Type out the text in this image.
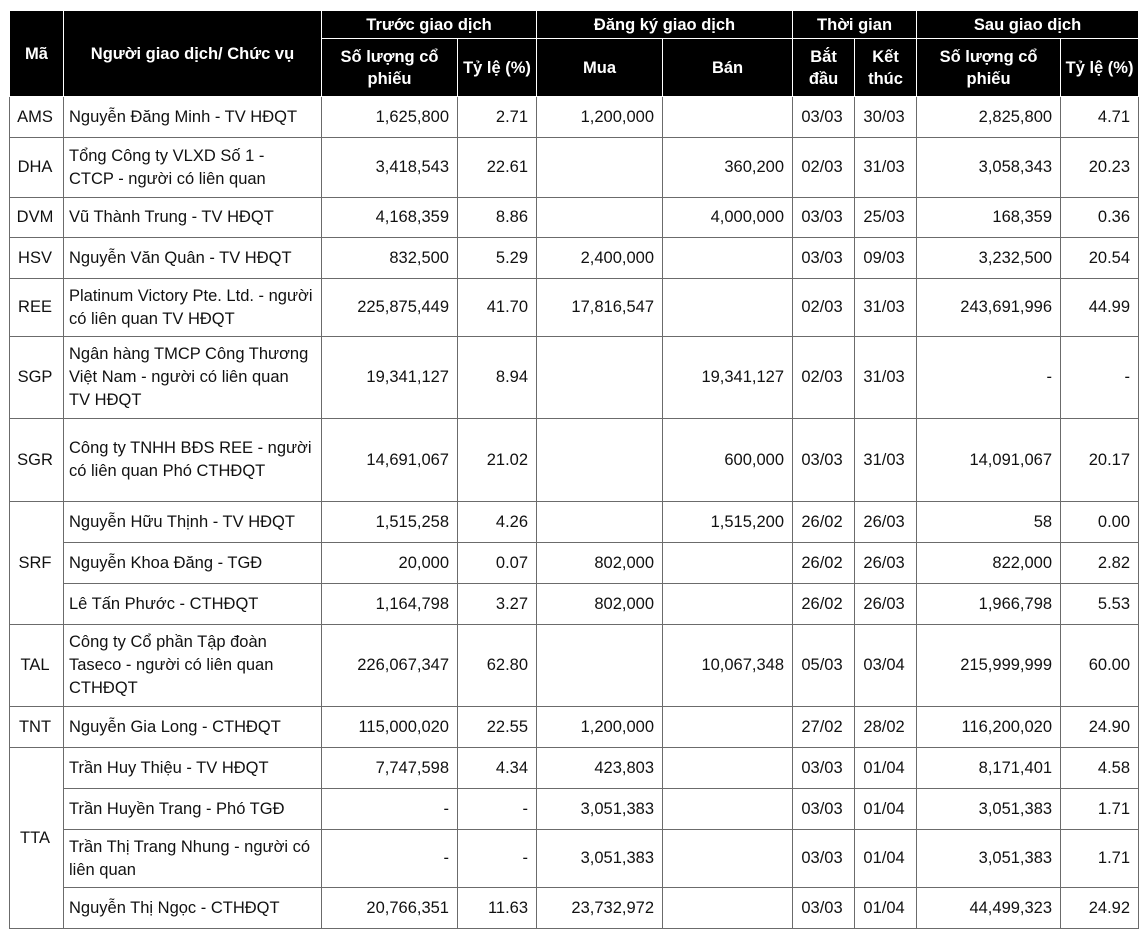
Mã	Người giao dịch/ Chức vụ	Trước giao dịch		Đăng ký giao dịch		Thời gian		Sau giao dịch	
		Số lượng cổ phiếu	Tỷ lệ (%)	Mua	Bán	Bắt đầu	Kết thúc	Số lượng cổ phiếu	Tỷ lệ (%)
AMS	Nguyễn Đăng Minh - TV HĐQT	1,625,800	2.71	1,200,000		03/03	30/03	2,825,800	4.71
DHA	Tổng Công ty VLXD Số 1 - CTCP - người có liên quan	3,418,543	22.61		360,200	02/03	31/03	3,058,343	20.23
DVM	Vũ Thành Trung - TV HĐQT	4,168,359	8.86		4,000,000	03/03	25/03	168,359	0.36
HSV	Nguyễn Văn Quân - TV HĐQT	832,500	5.29	2,400,000		03/03	09/03	3,232,500	20.54
REE	Platinum Victory Pte. Ltd. - người có liên quan TV HĐQT	225,875,449	41.70	17,816,547		02/03	31/03	243,691,996	44.99
SGP	Ngân hàng TMCP Công Thương Việt Nam - người có liên quan TV HĐQT	19,341,127	8.94		19,341,127	02/03	31/03	-	-
SGR	Công ty TNHH BĐS REE - người có liên quan Phó CTHĐQT	14,691,067	21.02		600,000	03/03	31/03	14,091,067	20.17
SRF	Nguyễn Hữu Thịnh - TV HĐQT	1,515,258	4.26		1,515,200	26/02	26/03	58	0.00
	Nguyễn Khoa Đăng - TGĐ	20,000	0.07	802,000		26/02	26/03	822,000	2.82
	Lê Tấn Phước - CTHĐQT	1,164,798	3.27	802,000		26/02	26/03	1,966,798	5.53
TAL	Công ty Cổ phần Tập đoàn Taseco - người có liên quan CTHĐQT	226,067,347	62.80		10,067,348	05/03	03/04	215,999,999	60.00
TNT	Nguyễn Gia Long - CTHĐQT	115,000,020	22.55	1,200,000		27/02	28/02	116,200,020	24.90
TTA	Trần Huy Thiệu - TV HĐQT	7,747,598	4.34	423,803		03/03	01/04	8,171,401	4.58
	Trần Huyền Trang - Phó TGĐ	-	-	3,051,383		03/03	01/04	3,051,383	1.71
	Trần Thị Trang Nhung - người có liên quan	-	-	3,051,383		03/03	01/04	3,051,383	1.71
	Nguyễn Thị Ngọc - CTHĐQT	20,766,351	11.63	23,732,972		03/03	01/04	44,499,323	24.92
